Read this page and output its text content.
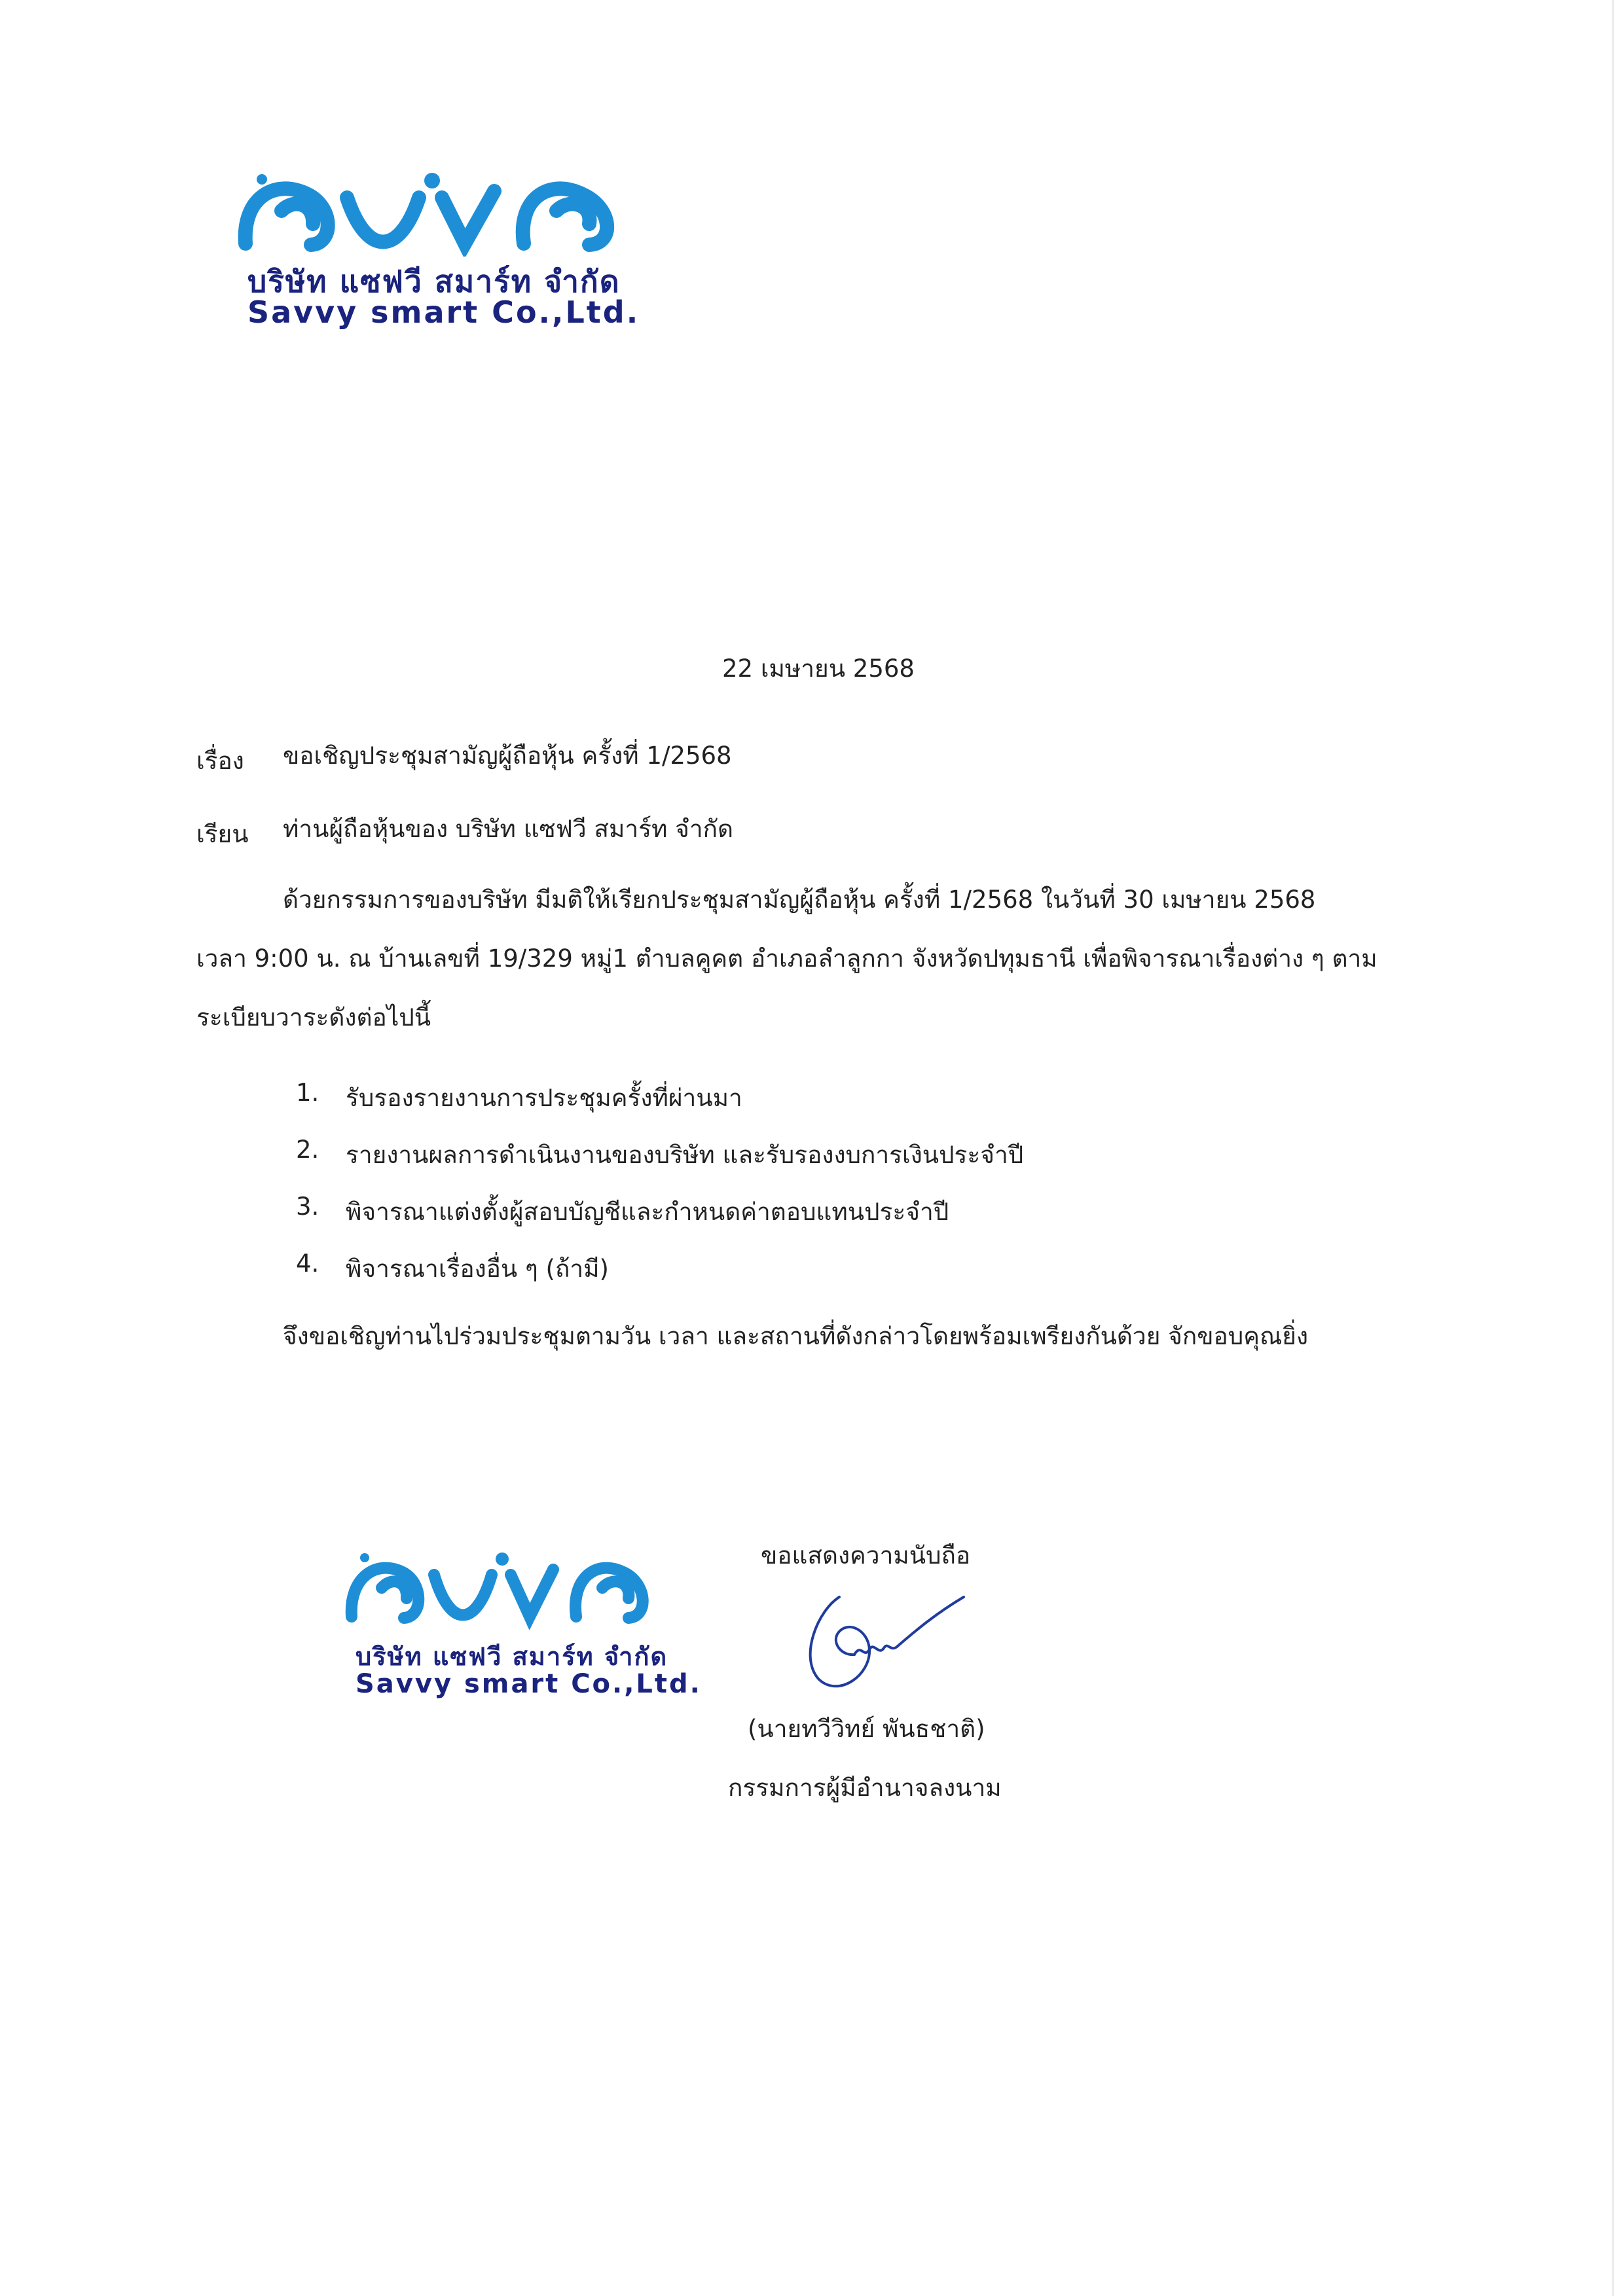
บริษัท แซฟวี สมาร์ท จำกัด
Savvy smart Co.,Ltd.
22 เมษายน 2568
เรื่อง ขอเชิญประชุมสามัญผู้ถือหุ้น ครั้งที่ 1/2568
เรียน ท่านผู้ถือหุ้นของ บริษัท แซฟวี สมาร์ท จำกัด
ด้วยกรรมการของบริษัท มีมติให้เรียกประชุมสามัญผู้ถือหุ้น ครั้งที่ 1/2568 ในวันที่ 30 เมษายน 2568
เวลา 9:00 น. ณ บ้านเลขที่ 19/329 หมู่1 ตำบลคูคต อำเภอลำลูกกา จังหวัดปทุมธานี เพื่อพิจารณาเรื่องต่าง ๆ ตาม
ระเบียบวาระดังต่อไปนี้
1. รับรองรายงานการประชุมครั้งที่ผ่านมา
2. รายงานผลการดำเนินงานของบริษัท และรับรองงบการเงินประจำปี
3. พิจารณาแต่งตั้งผู้สอบบัญชีและกำหนดค่าตอบแทนประจำปี
4. พิจารณาเรื่องอื่น ๆ (ถ้ามี)
จึงขอเชิญท่านไปร่วมประชุมตามวัน เวลา และสถานที่ดังกล่าวโดยพร้อมเพรียงกันด้วย จักขอบคุณยิ่ง
บริษัท แซฟวี สมาร์ท จำกัด
Savvy smart Co.,Ltd.
ขอแสดงความนับถือ
(นายทวีวิทย์ พันธชาติ)
กรรมการผู้มีอำนาจลงนาม
